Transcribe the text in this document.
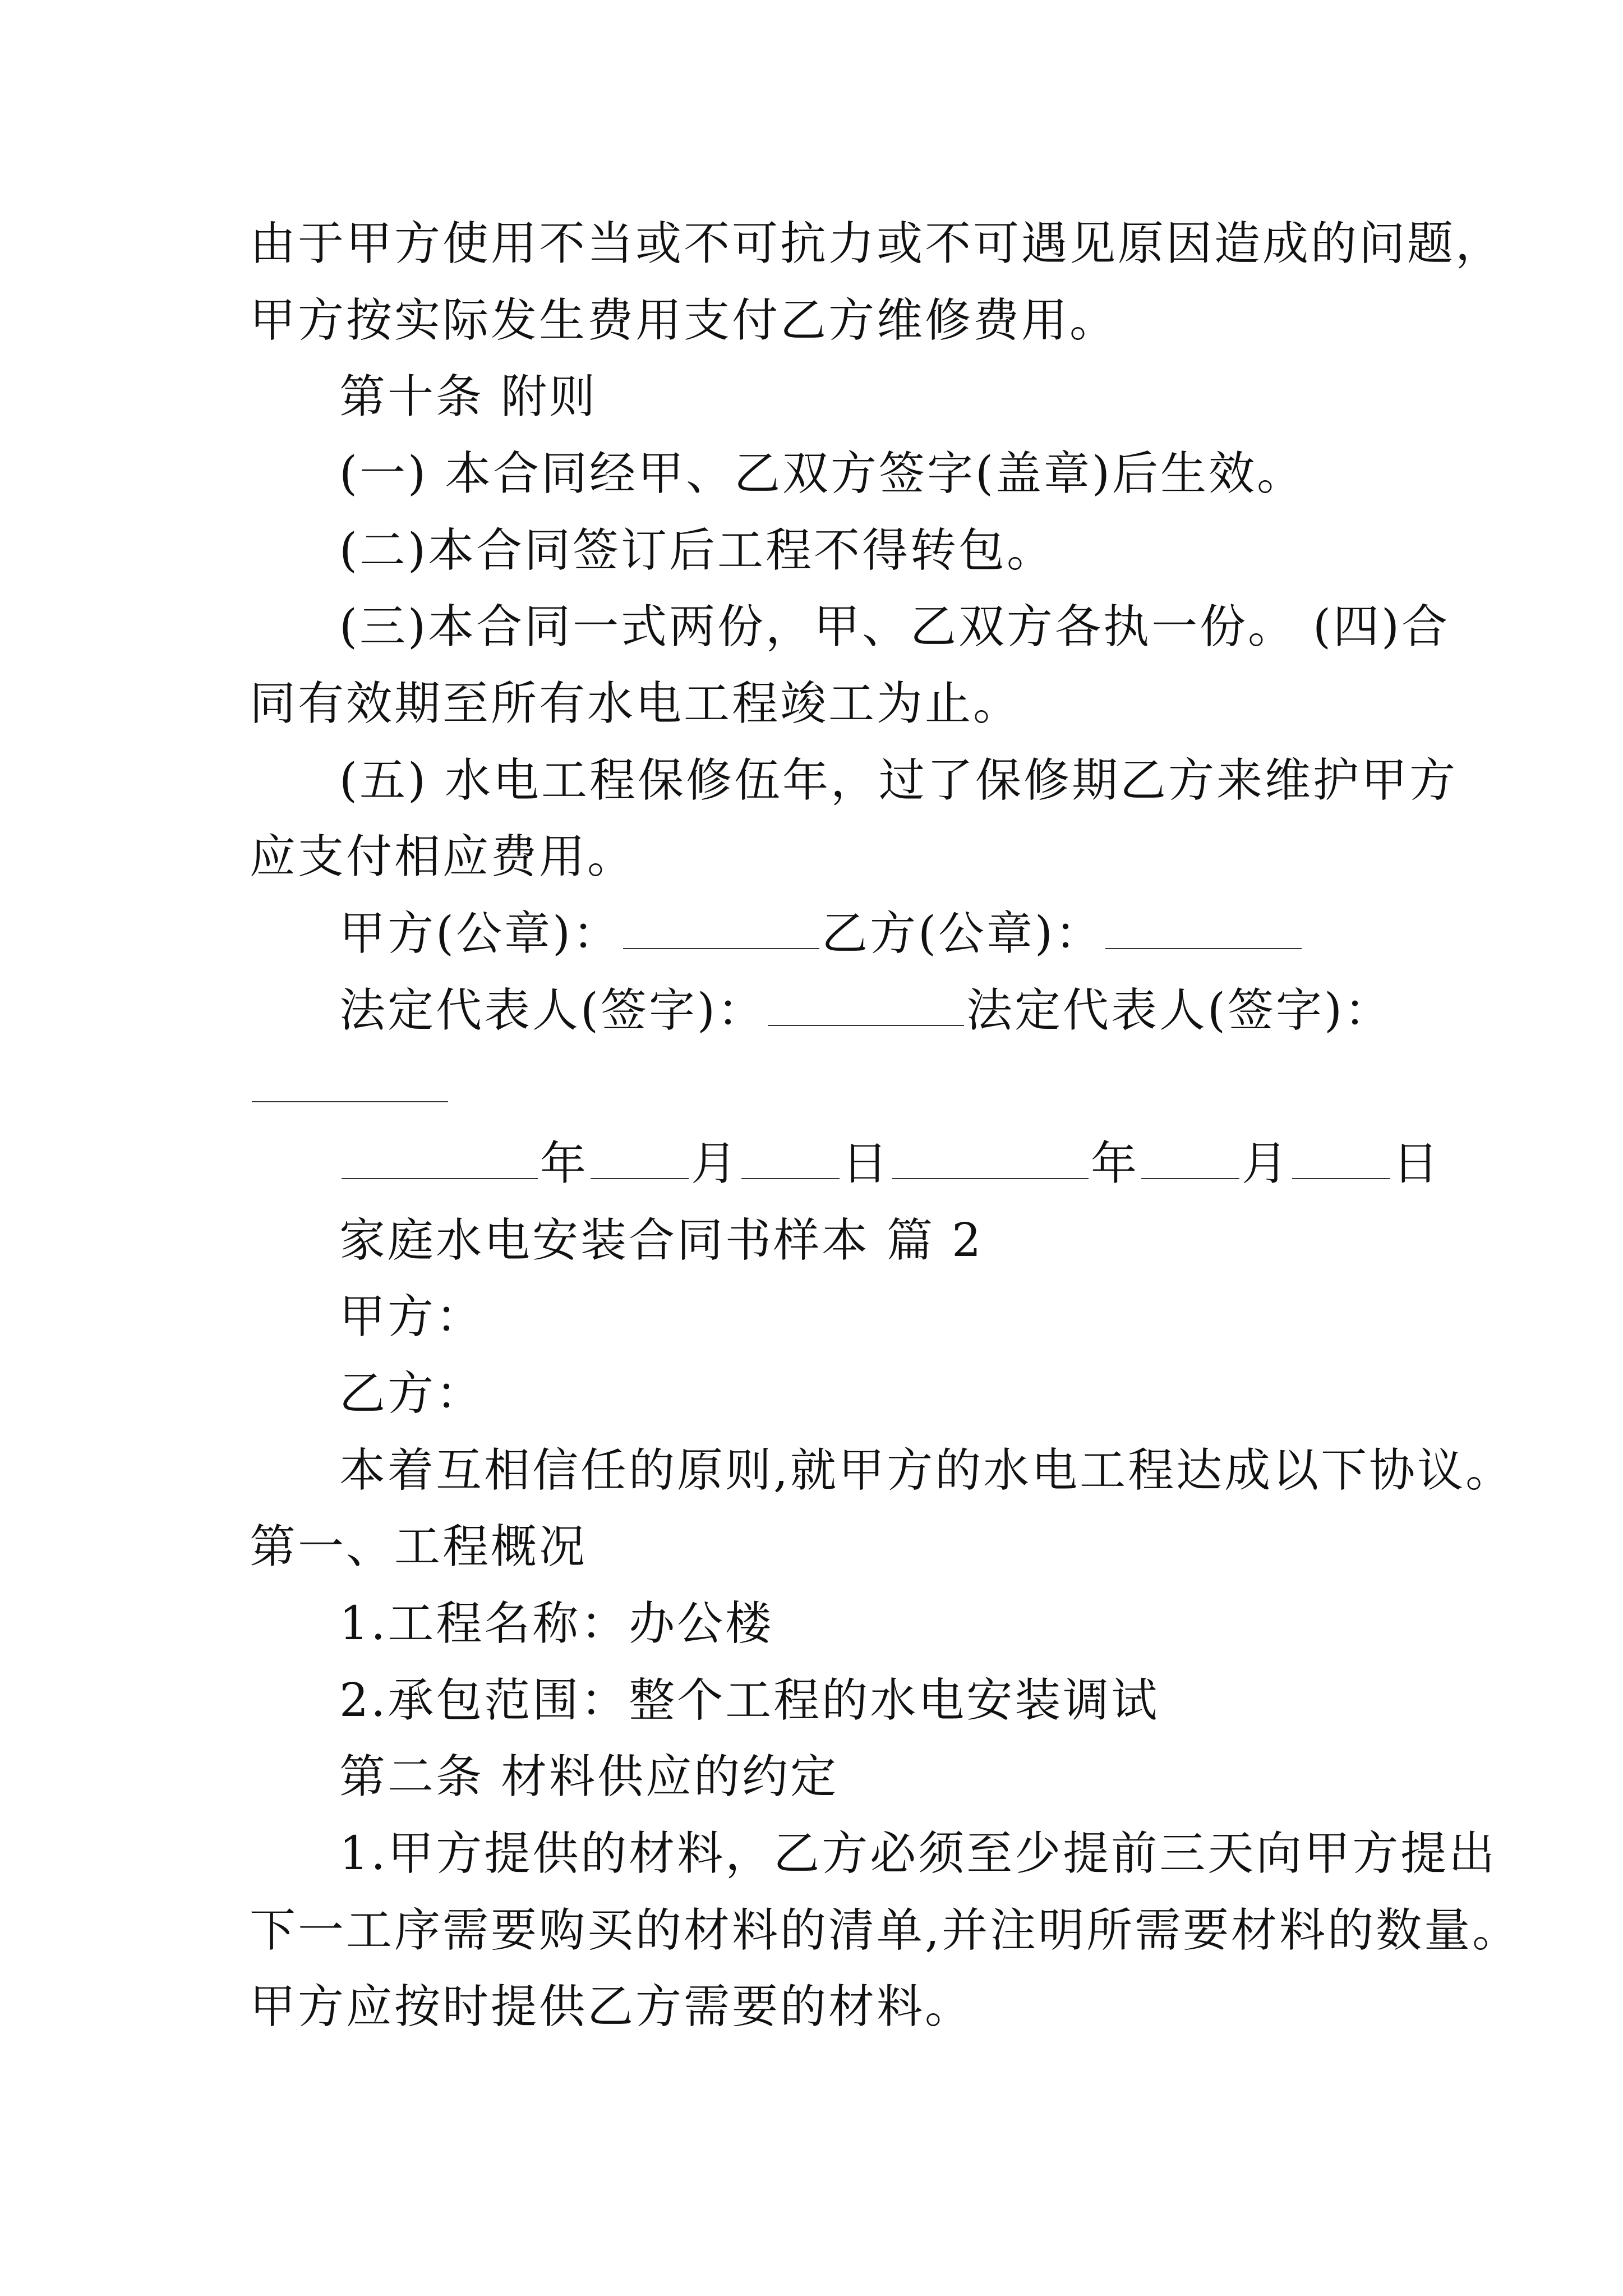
由于甲方使用不当或不可抗力或不可遇见原因造成的问题，
甲方按实际发生费用支付乙方维修费用。
第十条 附则
(一) 本合同经甲、乙双方签字(盖章)后生效。
(二)本合同签订后工程不得转包。
(三)本合同一式两份，甲、乙双方各执一份。 (四)合
同有效期至所有水电工程竣工为止。
(五) 水电工程保修伍年，过了保修期乙方来维护甲方
应支付相应费用。
甲方(公章)：	乙方(公章)：
法定代表人(签字)：	法定代表人(签字)：
年 月 日	年 月 日
家庭水电安装合同书样本 篇 2
甲方：
乙方：
本着互相信任的原则,就甲方的水电工程达成以下协议。
第一、工程概况
1.工程名称：办公楼
2.承包范围：整个工程的水电安装调试
第二条 材料供应的约定
1.甲方提供的材料，乙方必须至少提前三天向甲方提出
下一工序需要购买的材料的清单,并注明所需要材料的数量。
甲方应按时提供乙方需要的材料。
